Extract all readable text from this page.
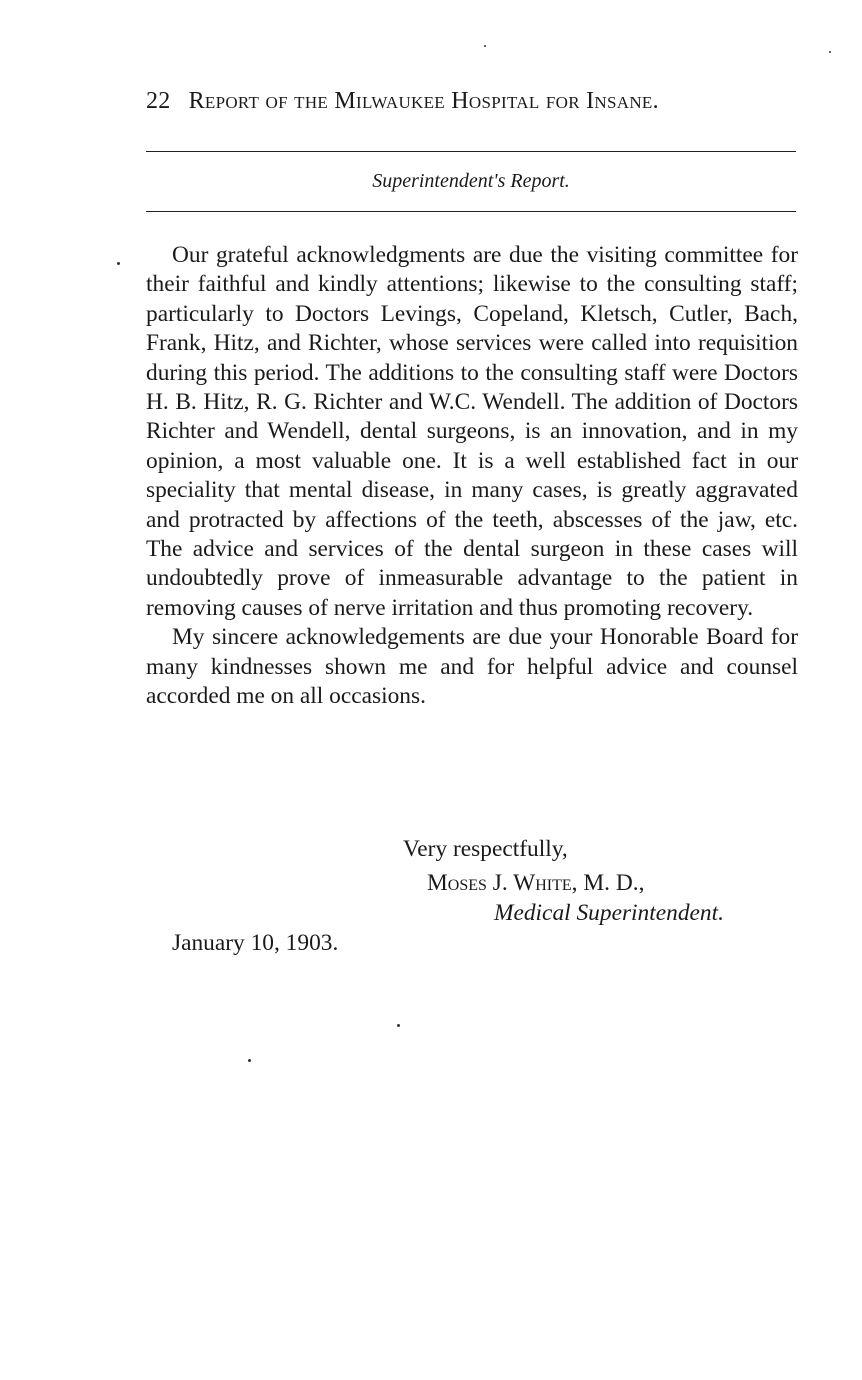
22 Report of the Milwaukee Hospital for Insane.
Superintendent's Report.

Our grateful acknowledgments are due the visiting committee for their faithful and kindly attentions; likewise to the consulting staff; particularly to Doctors Levings, Copeland, Kletsch, Cutler, Bach, Frank, Hitz, and Richter, whose services were called into requisition during this period. The additions to the consulting staff were Doctors H. B. Hitz, R. G. Richter and W.C. Wendell. The addition of Doctors Richter and Wendell, dental surgeons, is an innovation, and in my opinion, a most valuable one. It is a well established fact in our speciality that mental disease, in many cases, is greatly aggravated and protracted by affections of the teeth, abscesses of the jaw, etc. The advice and services of the dental surgeon in these cases will undoubtedly prove of inmeasurable advantage to the patient in removing causes of nerve irritation and thus promoting recovery.

My sincere acknowledgements are due your Honorable Board for many kindnesses shown me and for helpful advice and counsel accorded me on all occasions.

Very respectfully,
Moses J. White, M. D.,
Medical Superintendent.
January 10, 1903.
